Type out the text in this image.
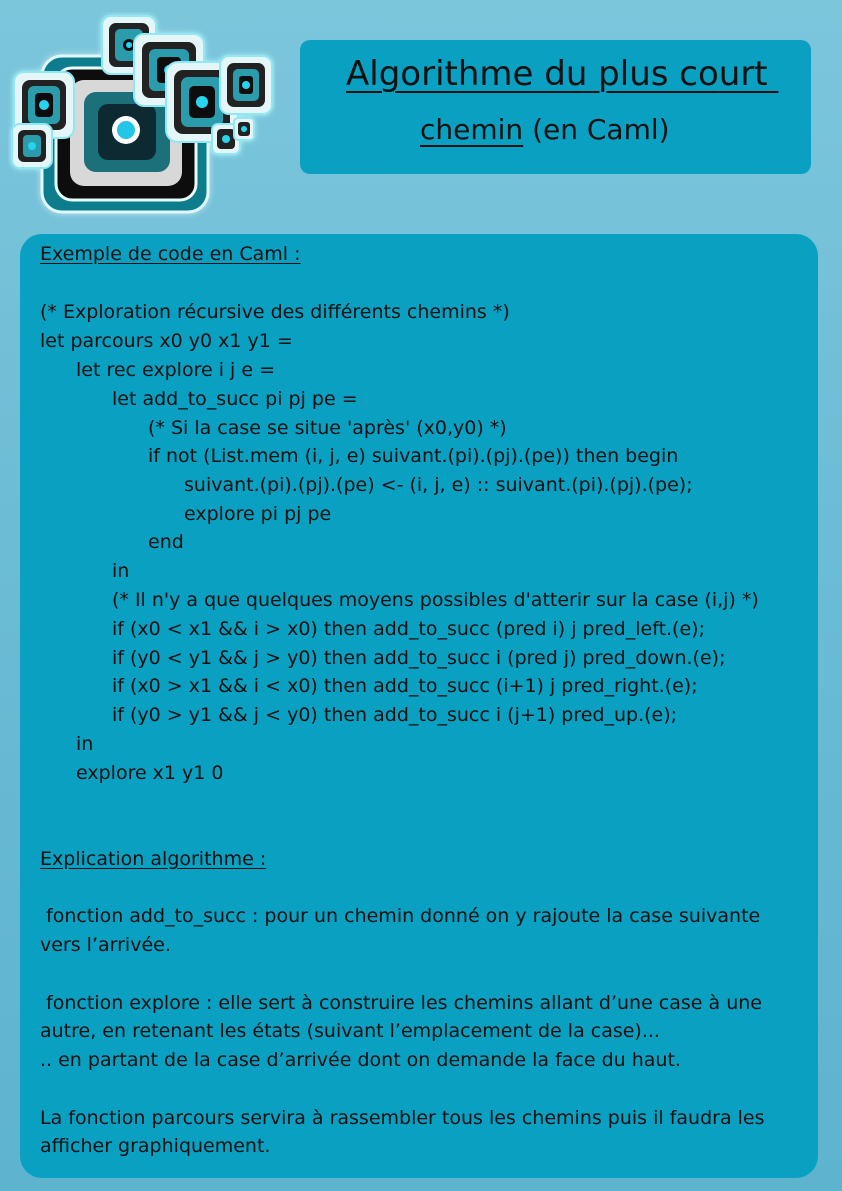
Algorithme du plus court
chemin (en Caml)
Exemple de code en Caml :
(* Exploration récursive des différents chemins *)
let parcours x0 y0 x1 y1 =
let rec explore i j e =
let add_to_succ pi pj pe =
(* Si la case se situe 'après' (x0,y0) *)
if not (List.mem (i, j, e) suivant.(pi).(pj).(pe)) then begin
suivant.(pi).(pj).(pe) <- (i, j, e) :: suivant.(pi).(pj).(pe);
explore pi pj pe
end
in
(* Il n'y a que quelques moyens possibles d'atterir sur la case (i,j) *)
if (x0 < x1 && i > x0) then add_to_succ (pred i) j pred_left.(e);
if (y0 < y1 && j > y0) then add_to_succ i (pred j) pred_down.(e);
if (x0 > x1 && i < x0) then add_to_succ (i+1) j pred_right.(e);
if (y0 > y1 && j < y0) then add_to_succ i (j+1) pred_up.(e);
in
explore x1 y1 0
Explication algorithme :
fonction add_to_succ : pour un chemin donné on y rajoute la case suivante
vers l’arrivée.
fonction explore : elle sert à construire les chemins allant d’une case à une
autre, en retenant les états (suivant l’emplacement de la case)...
.. en partant de la case d’arrivée dont on demande la face du haut.
La fonction parcours servira à rassembler tous les chemins puis il faudra les
afficher graphiquement.
